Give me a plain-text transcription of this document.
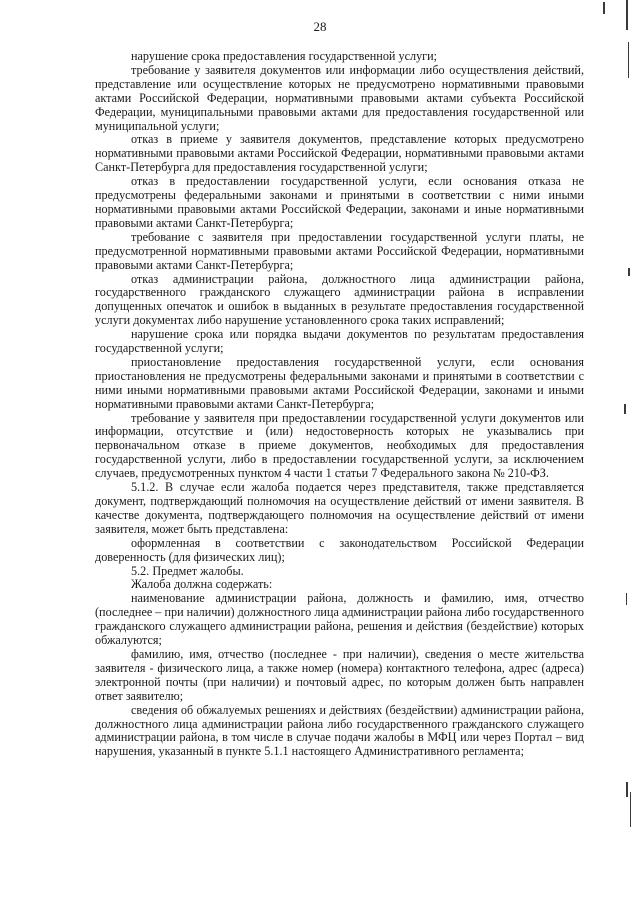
28

нарушение срока предоставления государственной услуги;

требование у заявителя документов или информации либо осуществления действий, представление или осуществление которых не предусмотрено нормативными правовыми актами Российской Федерации, нормативными правовыми актами субъекта Российской Федерации, муниципальными правовыми актами для предоставления государственной или муниципальной услуги;

отказ в приеме у заявителя документов, представление которых предусмотрено нормативными правовыми актами Российской Федерации, нормативными правовыми актами Санкт-Петербурга для предоставления государственной услуги;

отказ в предоставлении государственной услуги, если основания отказа не предусмотрены федеральными законами и принятыми в соответствии с ними иными нормативными правовыми актами Российской Федерации, законами и иные нормативными правовыми актами Санкт-Петербурга;

требование с заявителя при предоставлении государственной услуги платы, не предусмотренной нормативными правовыми актами Российской Федерации, нормативными правовыми актами Санкт-Петербурга;

отказ администрации района, должностного лица администрации района, государственного гражданского служащего администрации района в исправлении допущенных опечаток и ошибок в выданных в результате предоставления государственной услуги документах либо нарушение установленного срока таких исправлений;

нарушение срока или порядка выдачи документов по результатам предоставления государственной услуги;

приостановление предоставления государственной услуги, если основания приостановления не предусмотрены федеральными законами и принятыми в соответствии с ними иными нормативными правовыми актами Российской Федерации, законами и иными нормативными правовыми актами Санкт-Петербурга;

требование у заявителя при предоставлении государственной услуги документов или информации, отсутствие и (или) недостоверность которых не указывались при первоначальном отказе в приеме документов, необходимых для предоставления государственной услуги, либо в предоставлении государственной услуги, за исключением случаев, предусмотренных пунктом 4 части 1 статьи 7 Федерального закона № 210-ФЗ.

5.1.2. В случае если жалоба подается через представителя, также представляется документ, подтверждающий полномочия на осуществление действий от имени заявителя. В качестве документа, подтверждающего полномочия на осуществление действий от имени заявителя, может быть представлена:

оформленная в соответствии с законодательством Российской Федерации доверенность (для физических лиц);

5.2. Предмет жалобы.

Жалоба должна содержать:

наименование администрации района, должность и фамилию, имя, отчество (последнее – при наличии) должностного лица администрации района либо государственного гражданского служащего администрации района, решения и действия (бездействие) которых обжалуются;

фамилию, имя, отчество (последнее - при наличии), сведения о месте жительства заявителя - физического лица, а также номер (номера) контактного телефона, адрес (адреса) электронной почты (при наличии) и почтовый адрес, по которым должен быть направлен ответ заявителю;

сведения об обжалуемых решениях и действиях (бездействии) администрации района, должностного лица администрации района либо государственного гражданского служащего администрации района, в том числе в случае подачи жалобы в МФЦ или через Портал – вид нарушения, указанный в пункте 5.1.1 настоящего Административного регламента;
